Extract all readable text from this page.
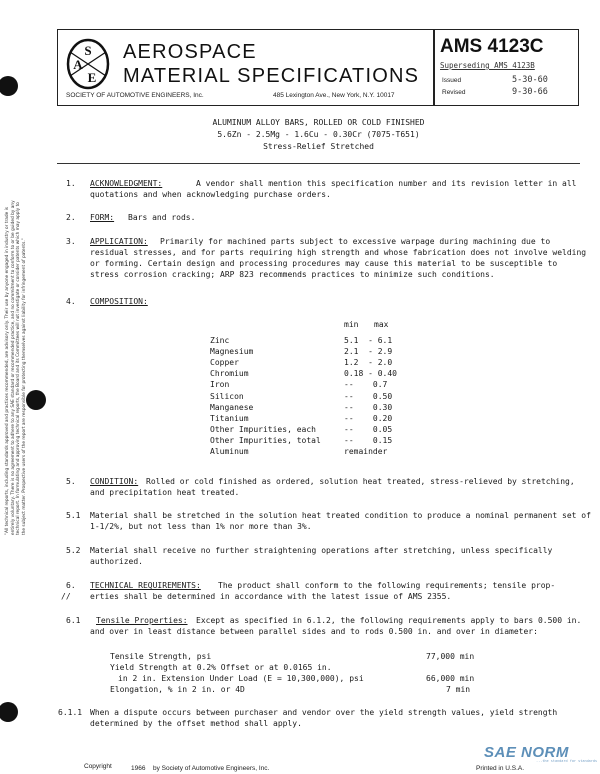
"All technical reports, including standards approved and practices recommended, are advisory only. Their use by anyone engaged in industry or trade is entirely voluntary. There is no agreement to adhere to any SAE standard or recommended practice, and no commitment to conform to or be guided by any technical report. In formulating and approving technical reports, the Board and its Committees will not investigate or consider patents which may apply to the subject matter. Prospective users of the report are responsible for protecting themselves against liability for infringement of patents."
S
A
E
AEROSPACE
MATERIAL SPECIFICATIONS
SOCIETY OF AUTOMOTIVE ENGINEERS, Inc.	485 Lexington Ave., New York, N.Y. 10017
AMS 4123C
Superseding AMS 4123B
Issued	5-30-60
Revised	9-30-66
ALUMINUM ALLOY BARS, ROLLED OR COLD FINISHED
5.6Zn - 2.5Mg - 1.6Cu - 0.30Cr (7075-T651)
Stress-Relief Stretched
1. ACKNOWLEDGMENT:	A vendor shall mention this specification number and its revision letter in all
quotations and when acknowledging purchase orders.
2. FORM: Bars and rods.
3. APPLICATION: Primarily for machined parts subject to excessive warpage during machining due to
residual stresses, and for parts requiring high strength and whose fabrication does not involve welding
or forming. Certain design and processing procedures may cause this material to be susceptible to
stress corrosion cracking; ARP 823 recommends practices to minimize such conditions.
4. COMPOSITION:
min max
Zinc	5.1  - 6.1
Magnesium	2.1  - 2.9
Copper	1.2  - 2.0
Chromium	0.18 - 0.40
Iron	--    0.7
Silicon	--    0.50
Manganese	--    0.30
Titanium	--    0.20
Other Impurities, each	--    0.05
Other Impurities, total	--    0.15
Aluminum	remainder
5. CONDITION: Rolled or cold finished as ordered, solution heat treated, stress-relieved by stretching,
and precipitation heat treated.
5.1 Material shall be stretched in the solution heat treated condition to produce a nominal permanent set of
1-1/2%, but not less than 1% nor more than 3%.
5.2 Material shall receive no further straightening operations after stretching, unless specifically
authorized.
//
6. TECHNICAL REQUIREMENTS: The product shall conform to the following requirements; tensile prop-
erties shall be determined in accordance with the latest issue of AMS 2355.
6.1 Tensile Properties: Except as specified in 6.1.2, the following requirements apply to bars 0.500 in.
and over in least distance between parallel sides and to rods 0.500 in. and over in diameter:
Tensile Strength, psi	77,000 min
Yield Strength at 0.2% Offset or at 0.0165 in.
in 2 in. Extension Under Load (E = 10,300,000), psi	66,000 min
Elongation, % in 2 in. or 4D	7 min
6.1.1 When a dispute occurs between purchaser and vendor over the yield strength values, yield strength
determined by the offset method shall apply.
Copyright	1966 by Society of Automotive Engineers, Inc.	Printed in U.S.A.
SAE NORM
...the standard for standards
